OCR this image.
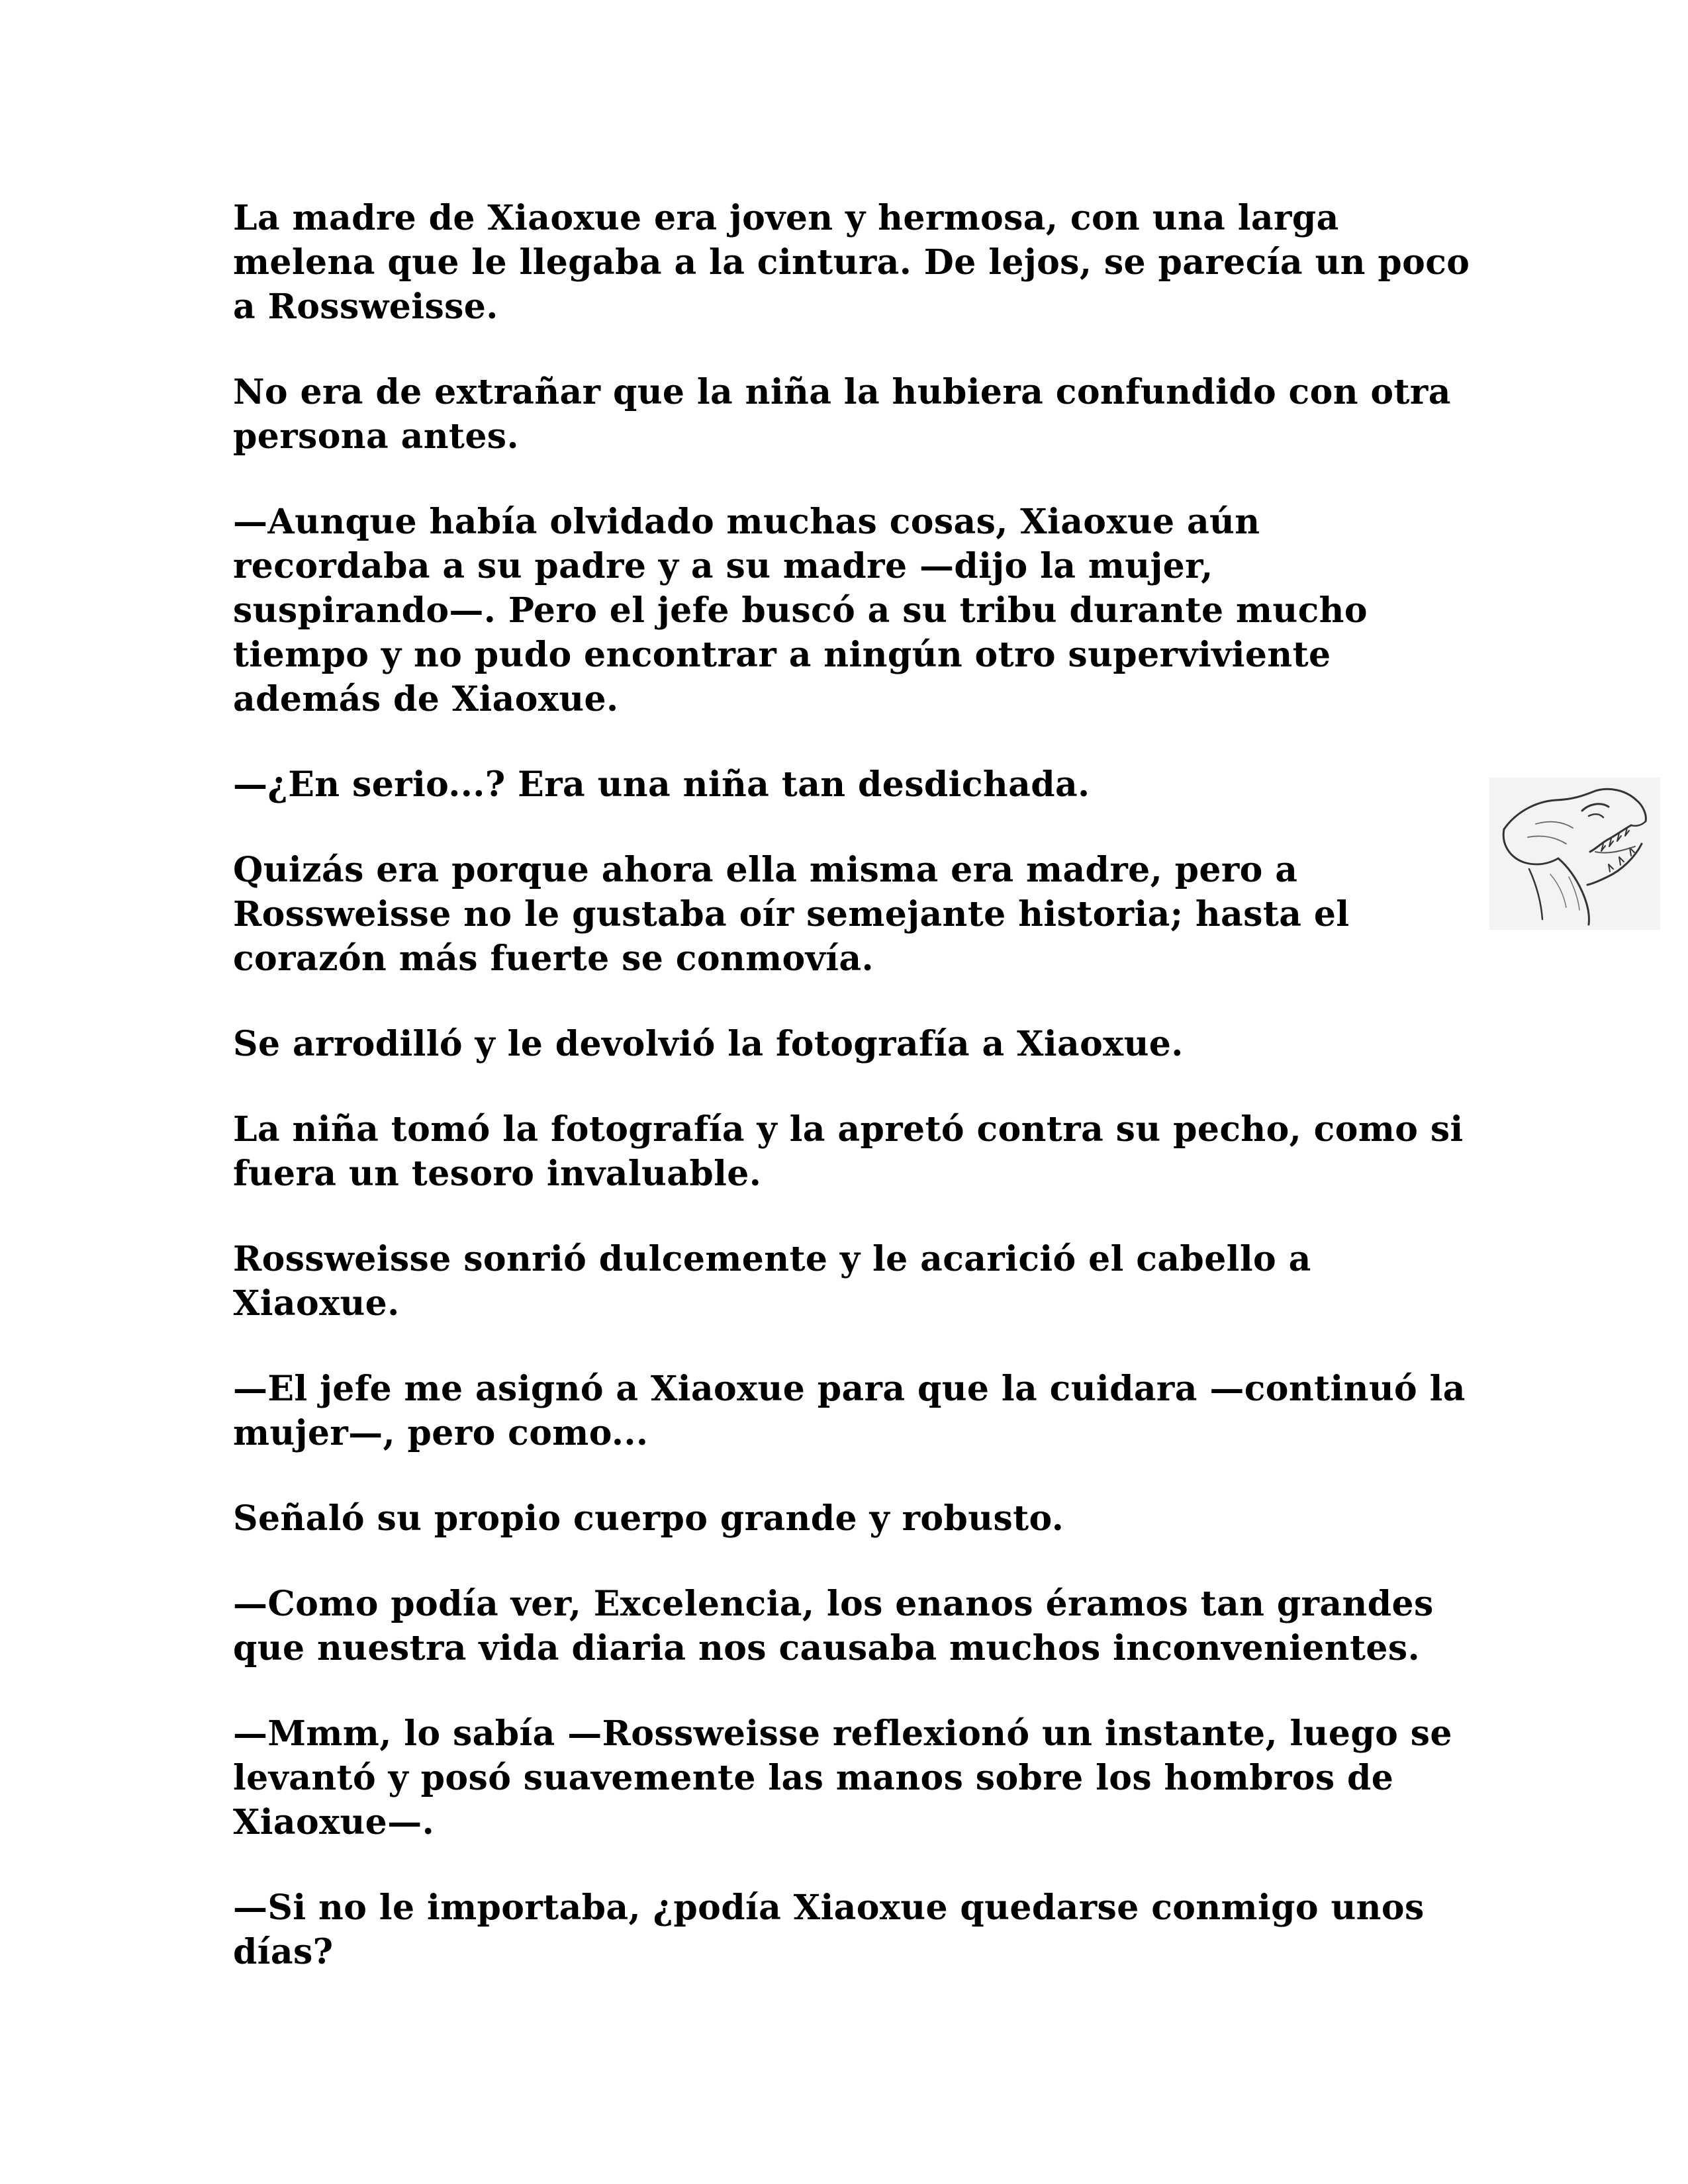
La madre de Xiaoxue era joven y hermosa, con una larga
melena que le llegaba a la cintura. De lejos, se parecía un poco
a Rossweisse.

No era de extrañar que la niña la hubiera confundido con otra
persona antes.

—Aunque había olvidado muchas cosas, Xiaoxue aún
recordaba a su padre y a su madre —dijo la mujer,
suspirando—. Pero el jefe buscó a su tribu durante mucho
tiempo y no pudo encontrar a ningún otro superviviente
además de Xiaoxue.

—¿En serio...? Era una niña tan desdichada.

Quizás era porque ahora ella misma era madre, pero a
Rossweisse no le gustaba oír semejante historia; hasta el
corazón más fuerte se conmovía.

Se arrodilló y le devolvió la fotografía a Xiaoxue.

La niña tomó la fotografía y la apretó contra su pecho, como si
fuera un tesoro invaluable.

Rossweisse sonrió dulcemente y le acarició el cabello a
Xiaoxue.

—El jefe me asignó a Xiaoxue para que la cuidara —continuó la
mujer—, pero como...

Señaló su propio cuerpo grande y robusto.

—Como podía ver, Excelencia, los enanos éramos tan grandes
que nuestra vida diaria nos causaba muchos inconvenientes.

—Mmm, lo sabía —Rossweisse reflexionó un instante, luego se
levantó y posó suavemente las manos sobre los hombros de
Xiaoxue—.

—Si no le importaba, ¿podía Xiaoxue quedarse conmigo unos
días?
